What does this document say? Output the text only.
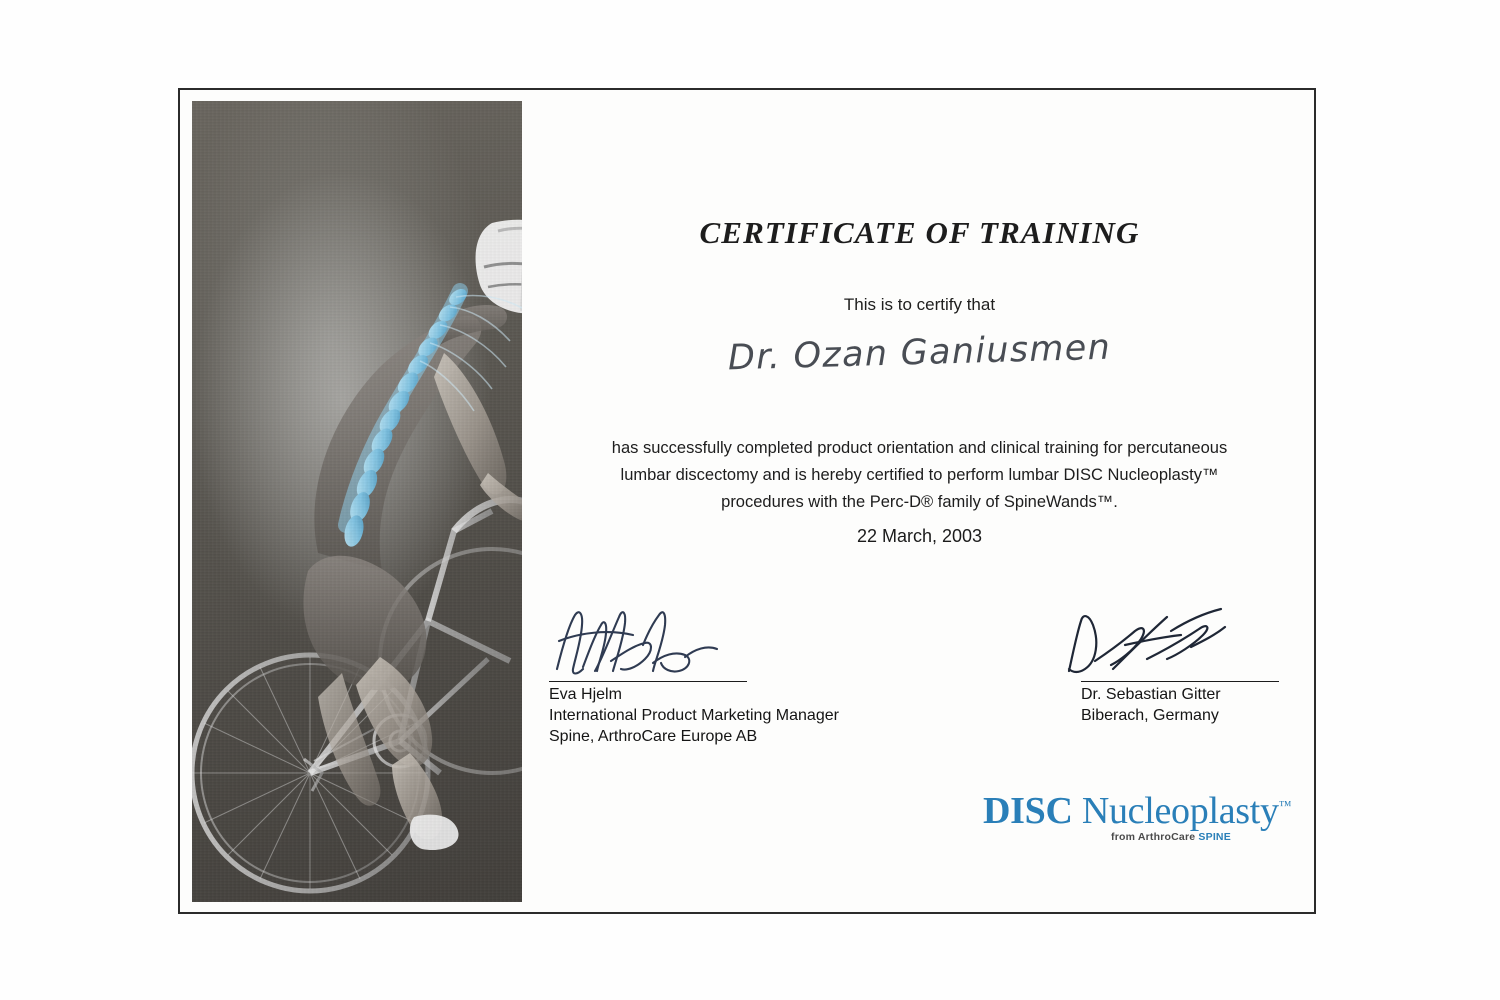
CERTIFICATE OF TRAINING
This is to certify that
Dr. Ozan Ganiusmen
has successfully completed product orientation and clinical training for percutaneous
lumbar discectomy and is hereby certified to perform lumbar DISC Nucleoplasty™
procedures with the Perc-D® family of SpineWands™.
22 March, 2003
Eva Hjelm
International Product Marketing Manager
Spine, ArthroCare Europe AB
Dr. Sebastian Gitter
Biberach, Germany
DISC Nucleoplasty™
from ArthroCare SPINE
